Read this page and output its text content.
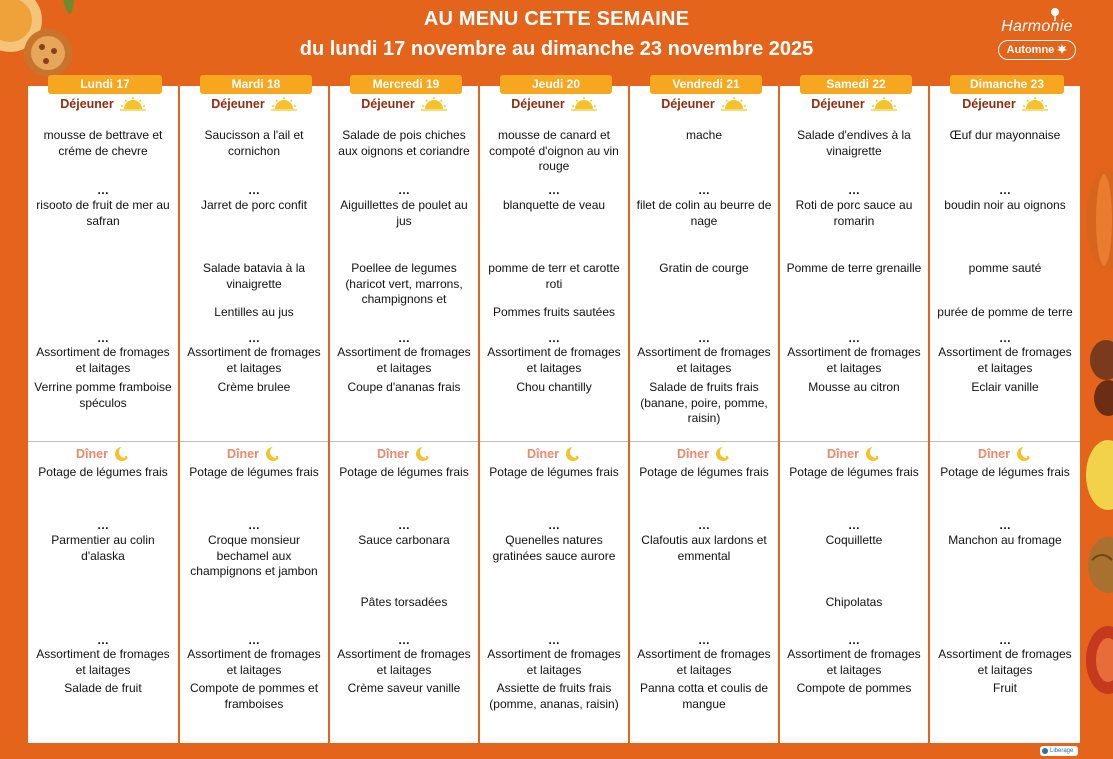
AU MENU CETTE SEMAINE
du lundi 17 novembre au dimanche 23 novembre 2025
Harmonie
Automne
Lundi 17
Déjeuner
mousse de bettrave et créme de chevre
…
risooto de fruit de mer au safran
…
Assortiment de fromages et laitages
Verrine pomme framboise spéculos
Dîner
Potage de légumes frais
…
Parmentier au colin d'alaska
…
Assortiment de fromages et laitages
Salade de fruit
Mardi 18
Déjeuner
Saucisson a l'ail et cornichon
…
Jarret de porc confit
Salade batavia à la vinaigrette
Lentilles au jus
…
Assortiment de fromages et laitages
Crème brulee
Dîner
Potage de légumes frais
…
Croque monsieur bechamel aux champignons et jambon
…
Assortiment de fromages et laitages
Compote de pommes et framboises
Mercredi 19
Déjeuner
Salade de pois chiches aux oignons et coriandre
…
Aiguillettes de poulet au jus
Poellee de legumes (haricot vert, marrons, champignons et
…
Assortiment de fromages et laitages
Coupe d'ananas frais
Dîner
Potage de légumes frais
…
Sauce carbonara
Pâtes torsadées
…
Assortiment de fromages et laitages
Crème saveur vanille
Jeudi 20
Déjeuner
mousse de canard et compoté d'oignon au vin rouge
…
blanquette de veau
pomme de terr et carotte roti
Pommes fruits sautées
…
Assortiment de fromages et laitages
Chou chantilly
Dîner
Potage de légumes frais
…
Quenelles natures gratinées sauce aurore
…
Assortiment de fromages et laitages
Assiette de fruits frais (pomme, ananas, raisin)
Vendredi 21
Déjeuner
mache
…
filet de colin au beurre de nage
Gratin de courge
…
Assortiment de fromages et laitages
Salade de fruits frais (banane, poire, pomme, raisin)
Dîner
Potage de légumes frais
…
Clafoutis aux lardons et emmental
…
Assortiment de fromages et laitages
Panna cotta et coulis de mangue
Samedi 22
Déjeuner
Salade d'endives à la vinaigrette
…
Roti de porc sauce au romarin
Pomme de terre grenaille
…
Assortiment de fromages et laitages
Mousse au citron
Dîner
Potage de légumes frais
…
Coquillette
Chipolatas
…
Assortiment de fromages et laitages
Compote de pommes
Dimanche 23
Déjeuner
Œuf dur mayonnaise
…
boudin noir au oignons
pomme sauté
purée de pomme de terre
…
Assortiment de fromages et laitages
Eclair vanille
Dîner
Potage de légumes frais
…
Manchon au fromage
…
Assortiment de fromages et laitages
Fruit
Liberage
